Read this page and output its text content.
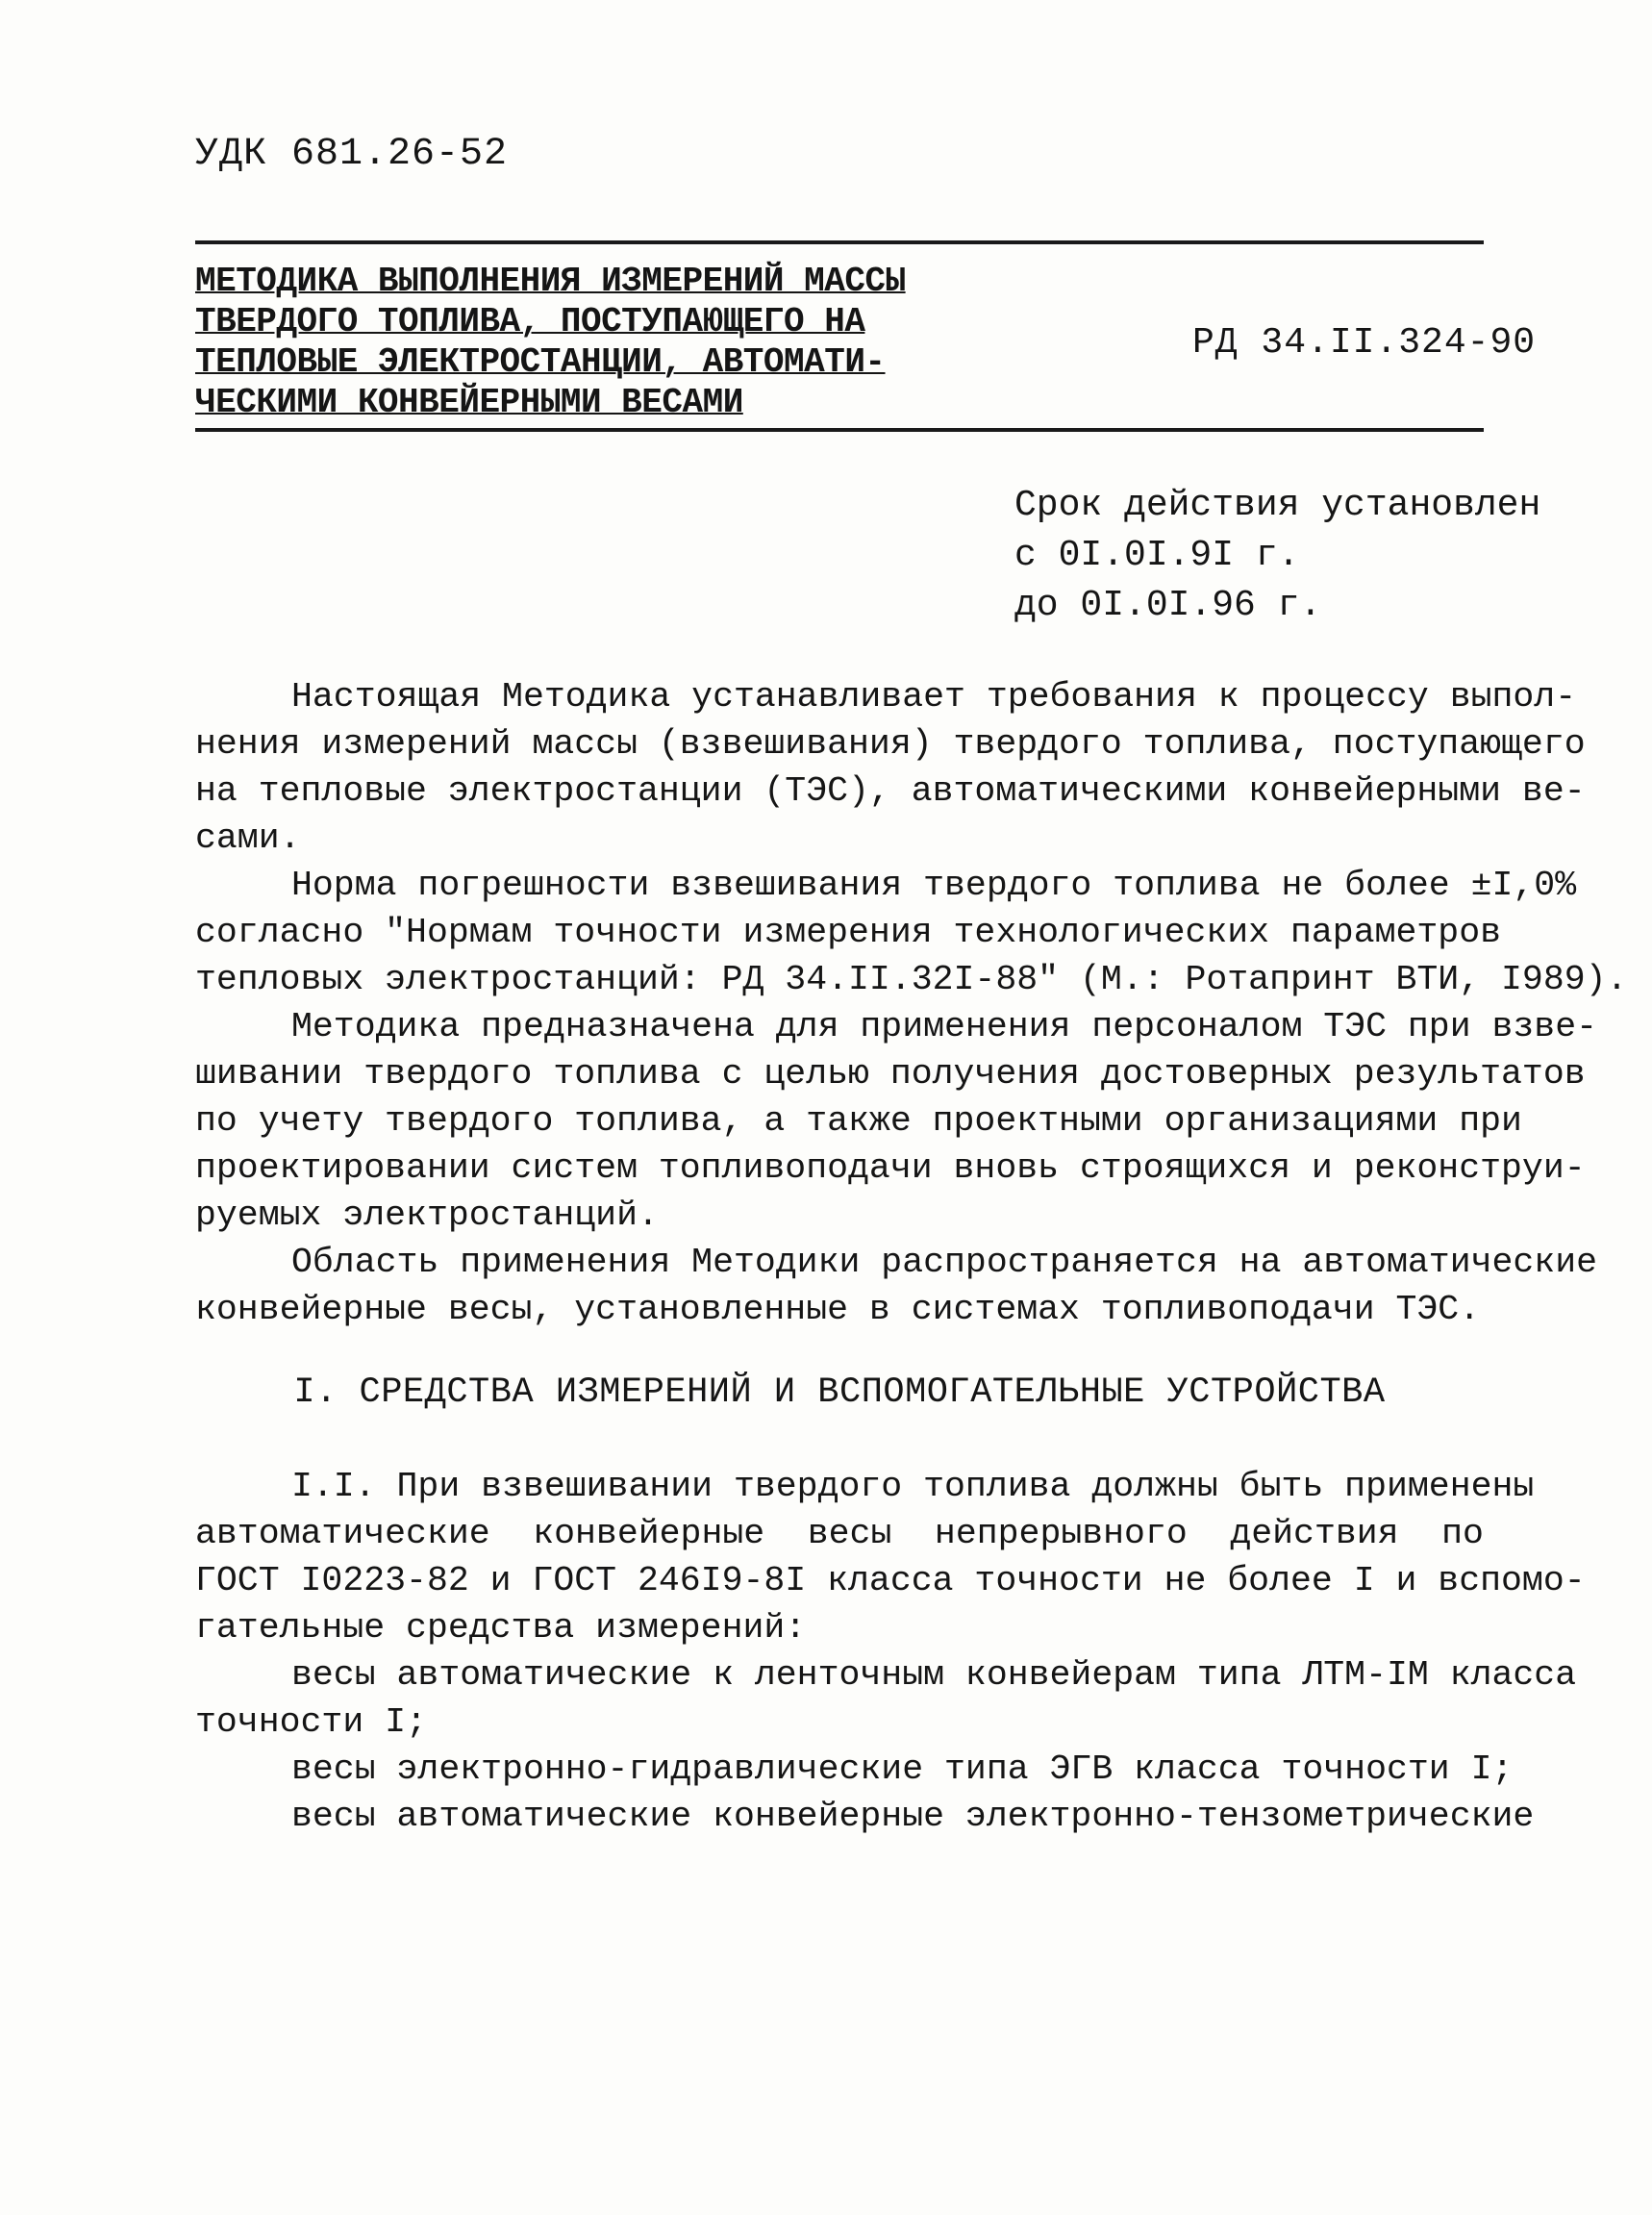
УДК 681.26-52
МЕТОДИКА ВЫПОЛНЕНИЯ ИЗМЕРЕНИЙ МАССЫ
ТВЕРДОГО ТОПЛИВА, ПОСТУПАЮЩЕГО НА
ТЕПЛОВЫЕ ЭЛЕКТРОСТАНЦИИ, АВТОМАТИ-
ЧЕСКИМИ КОНВЕЙЕРНЫМИ ВЕСАМИ
РД 34.II.324-90
Срок действия установлен
с 0I.0I.9I г.
до 0I.0I.96 г.
Настоящая Методика устанавливает требования к процессу выпол-
нения измерений массы (взвешивания) твердого топлива, поступающего
на тепловые электростанции (ТЭС), автоматическими конвейерными ве-
сами.
Норма погрешности взвешивания твердого топлива не более ±I,0%
согласно "Нормам точности измерения технологических параметров
тепловых электростанций: РД 34.II.32I-88" (М.: Ротапринт ВТИ, I989).
Методика предназначена для применения персоналом ТЭС при взве-
шивании твердого топлива с целью получения достоверных результатов
по учету твердого топлива, а также проектными организациями при
проектировании систем топливоподачи вновь строящихся и реконструи-
руемых электростанций.
Область применения Методики распространяется на автоматические
конвейерные весы, установленные в системах топливоподачи ТЭС.
I. СРЕДСТВА ИЗМЕРЕНИЙ И ВСПОМОГАТЕЛЬНЫЕ УСТРОЙСТВА
I.I. При взвешивании твердого топлива должны быть применены
автоматические конвейерные весы непрерывного действия по
ГОСТ I0223-82 и ГОСТ 246I9-8I класса точности не более I и вспомо-
гательные средства измерений:
весы автоматические к ленточным конвейерам типа ЛТМ-IМ класса
точности I;
весы электронно-гидравлические типа ЭГВ класса точности I;
весы автоматические конвейерные электронно-тензометрические
